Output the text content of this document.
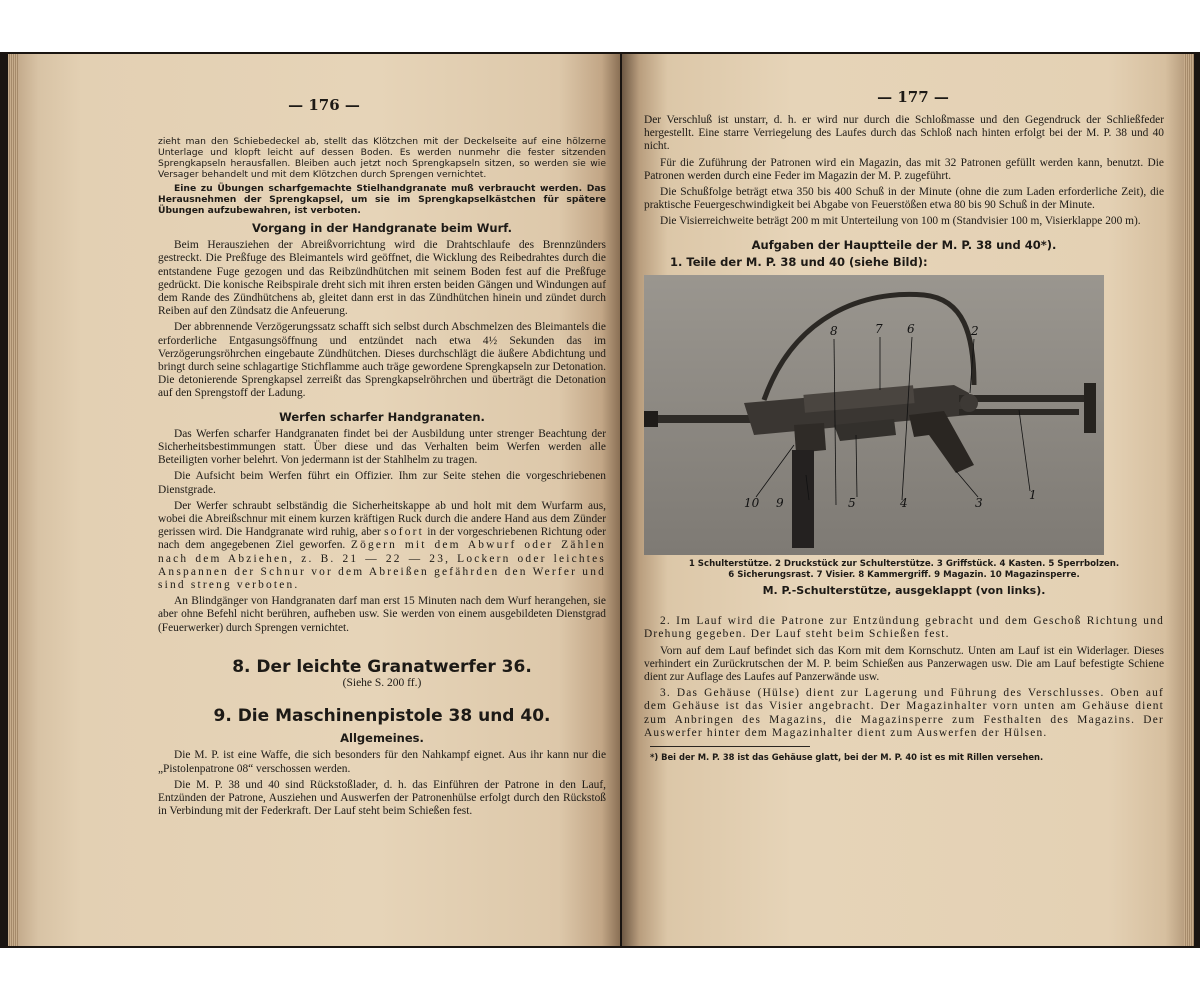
— 176 —

zieht man den Schiebedeckel ab, stellt das Klötzchen mit der Deckelseite auf eine hölzerne Unterlage und klopft leicht auf dessen Boden. Es werden nunmehr die fester sitzenden Sprengkapseln herausfallen. Bleiben auch jetzt noch Sprengkapseln sitzen, so werden sie wie Versager behandelt und mit dem Klötzchen durch Sprengen vernichtet.

Eine zu Übungen scharfgemachte Stielhandgranate muß verbraucht werden. Das Herausnehmen der Sprengkapsel, um sie im Sprengkapselkästchen für spätere Übungen aufzubewahren, ist verboten.

Vorgang in der Handgranate beim Wurf.

Beim Herausziehen der Abreißvorrichtung wird die Drahtschlaufe des Brennzünders gestreckt. Die Preßfuge des Bleimantels wird geöffnet, die Wicklung des Reibedrahtes durch die entstandene Fuge gezogen und das Reibzündhütchen mit seinem Boden fest auf die Preßfuge gedrückt. Die konische Reibspirale dreht sich mit ihren ersten beiden Gängen und Windungen auf dem Rande des Zündhütchens ab, gleitet dann erst in das Zündhütchen hinein und zündet durch Reiben auf den Zündsatz die Anfeuerung.

Der abbrennende Verzögerungssatz schafft sich selbst durch Abschmelzen des Bleimantels die erforderliche Entgasungsöffnung und entzündet nach etwa 4½ Sekunden das im Verzögerungsröhrchen eingebaute Zündhütchen. Dieses durchschlägt die äußere Abdichtung und bringt durch seine schlagartige Stichflamme auch träge gewordene Sprengkapseln zur Detonation. Die detonierende Sprengkapsel zerreißt das Sprengkapselröhrchen und überträgt die Detonation auf den Sprengstoff der Ladung.

Werfen scharfer Handgranaten.

Das Werfen scharfer Handgranaten findet bei der Ausbildung unter strenger Beachtung der Sicherheitsbestimmungen statt. Über diese und das Verhalten beim Werfen werden alle Beteiligten vorher belehrt. Von jedermann ist der Stahlhelm zu tragen.

Die Aufsicht beim Werfen führt ein Offizier. Ihm zur Seite stehen die vorgeschriebenen Dienstgrade.

Der Werfer schraubt selbständig die Sicherheitskappe ab und holt mit dem Wurfarm aus, wobei die Abreißschnur mit einem kurzen kräftigen Ruck durch die andere Hand aus dem Zünder gerissen wird. Die Handgranate wird ruhig, aber sofort in der vorgeschriebenen Richtung oder nach dem angegebenen Ziel geworfen. Zögern mit dem Abwurf oder Zählen nach dem Abziehen, z. B. 21 — 22 — 23, Lockern oder leichtes Anspannen der Schnur vor dem Abreißen gefährden den Werfer und sind streng verboten.

An Blindgänger von Handgranaten darf man erst 15 Minuten nach dem Wurf herangehen, sie aber ohne Befehl nicht berühren, aufheben usw. Sie werden von einem ausgebildeten Dienstgrad (Feuerwerker) durch Sprengen vernichtet.

8. Der leichte Granatwerfer 36.
(Siehe S. 200 ff.)
9. Die Maschinenpistole 38 und 40.
Allgemeines.

Die M. P. ist eine Waffe, die sich besonders für den Nahkampf eignet. Aus ihr kann nur die „Pistolenpatrone 08“ verschossen werden.

Die M. P. 38 und 40 sind Rückstoßlader, d. h. das Einführen der Patrone in den Lauf, Entzünden der Patrone, Ausziehen und Auswerfen der Patronenhülse erfolgt durch den Rückstoß in Verbindung mit der Federkraft. Der Lauf steht beim Schießen fest.

— 177 —

Der Verschluß ist unstarr, d. h. er wird nur durch die Schloßmasse und den Gegendruck der Schließfeder hergestellt. Eine starre Verriegelung des Laufes durch das Schloß nach hinten erfolgt bei der M. P. 38 und 40 nicht.

Für die Zuführung der Patronen wird ein Magazin, das mit 32 Patronen gefüllt werden kann, benutzt. Die Patronen werden durch eine Feder im Magazin der M. P. zugeführt.

Die Schußfolge beträgt etwa 350 bis 400 Schuß in der Minute (ohne die zum Laden erforderliche Zeit), die praktische Feuergeschwindigkeit bei Abgabe von Feuerstößen etwa 80 bis 90 Schuß in der Minute.

Die Visierreichweite beträgt 200 m mit Unterteilung von 100 m (Standvisier 100 m, Visierklappe 200 m).

Aufgaben der Hauptteile der M. P. 38 und 40*).
1. Teile der M. P. 38 und 40 (siehe Bild):
8	7 6	2
10 9	5	4	3
1
1 Schulterstütze. 2 Druckstück zur Schulterstütze. 3 Griffstück. 4 Kasten. 5 Sperrbolzen.
6 Sicherungsrast. 7 Visier. 8 Kammergriff. 9 Magazin. 10 Magazinsperre.
M. P.-Schulterstütze, ausgeklappt (von links).

2. Im Lauf wird die Patrone zur Entzündung gebracht und dem Geschoß Richtung und Drehung gegeben. Der Lauf steht beim Schießen fest.

Vorn auf dem Lauf befindet sich das Korn mit dem Kornschutz. Unten am Lauf ist ein Widerlager. Dieses verhindert ein Zurückrutschen der M. P. beim Schießen aus Panzerwagen usw. Die am Lauf befestigte Schiene dient zur Auflage des Laufes auf Panzerwände usw.

3. Das Gehäuse (Hülse) dient zur Lagerung und Führung des Verschlusses. Oben auf dem Gehäuse ist das Visier angebracht. Der Magazinhalter vorn unten am Gehäuse dient zum Anbringen des Magazins, die Magazinsperre zum Festhalten des Magazins. Der Auswerfer hinter dem Magazinhalter dient zum Auswerfen der Hülsen.

*) Bei der M. P. 38 ist das Gehäuse glatt, bei der M. P. 40 ist es mit Rillen versehen.
